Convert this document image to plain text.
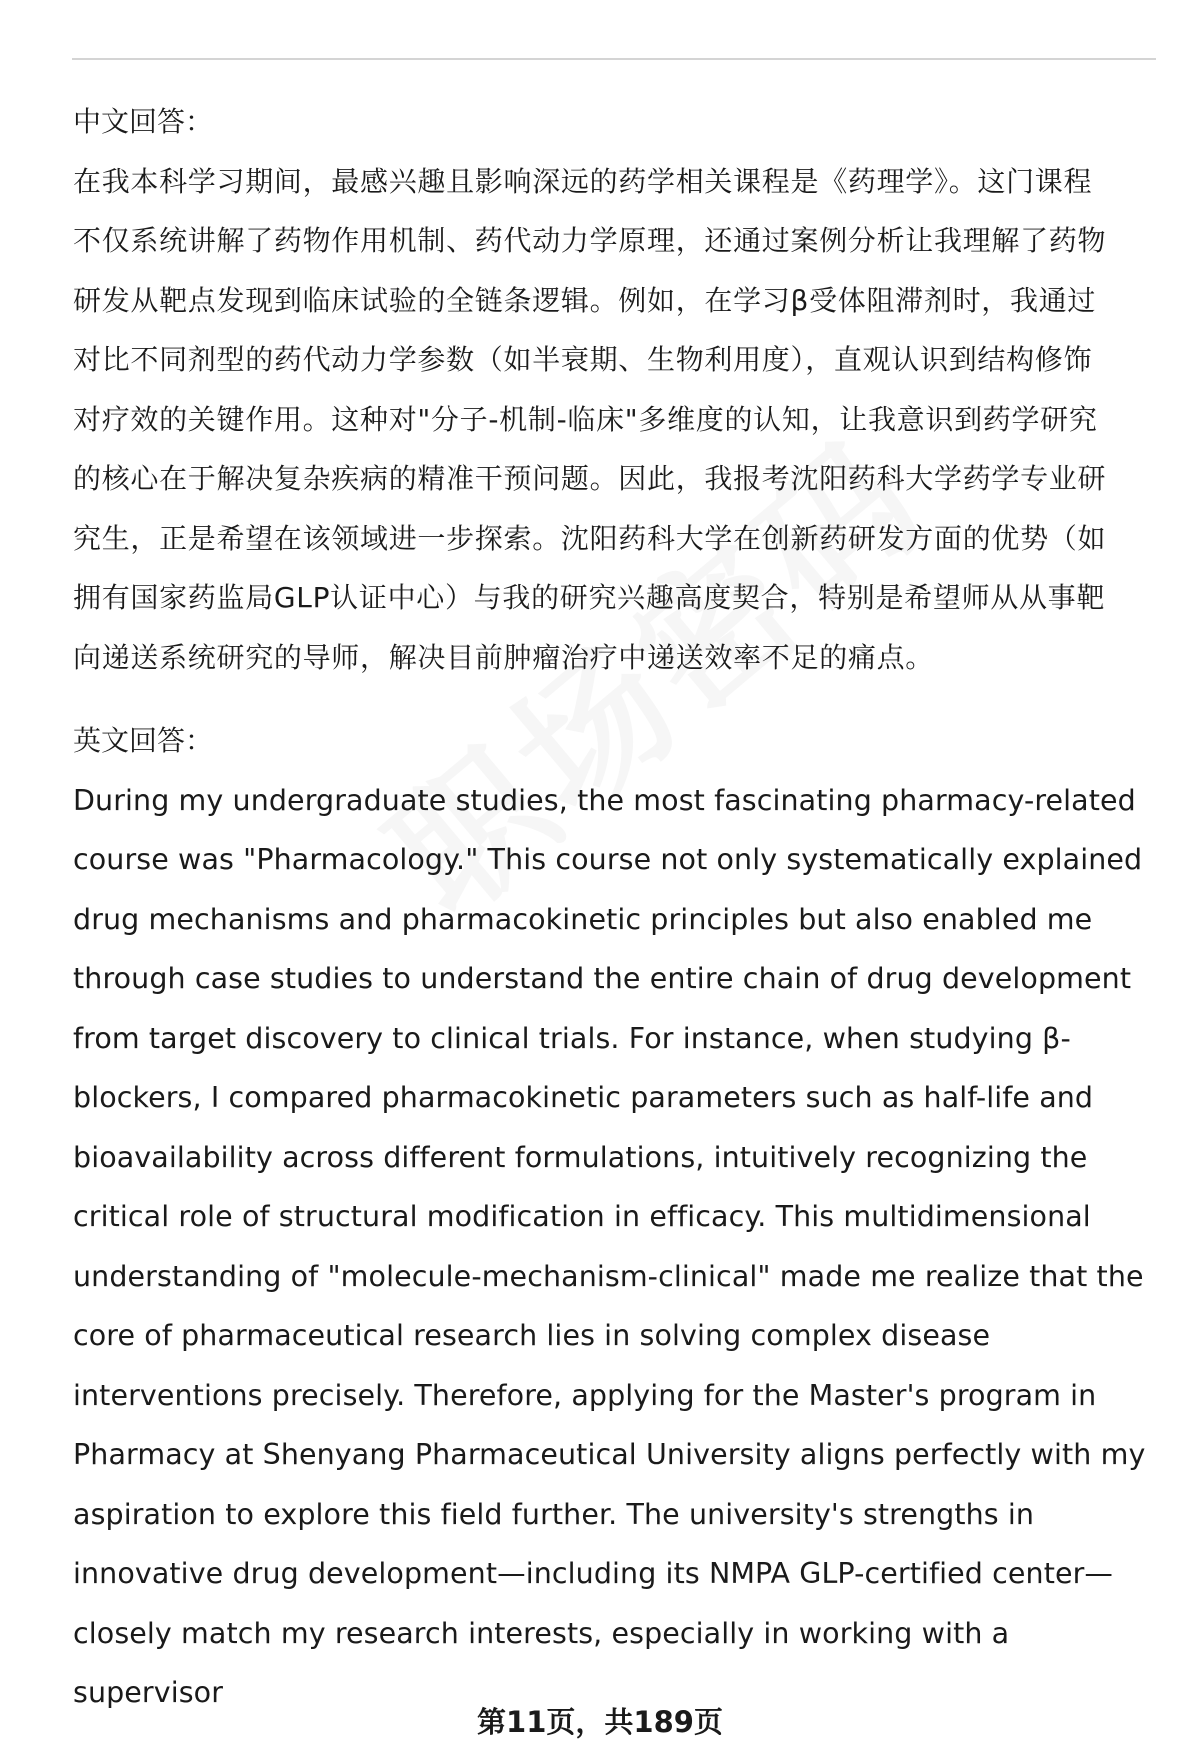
中文回答：

在我本科学习期间，最感兴趣且影响深远的药学相关课程是《药理学》。这门课程

不仅系统讲解了药物作用机制、药代动力学原理，还通过案例分析让我理解了药物

研发从靶点发现到临床试验的全链条逻辑。例如，在学习β受体阻滞剂时，我通过

对比不同剂型的药代动力学参数（如半衰期、生物利用度），直观认识到结构修饰

对疗效的关键作用。这种对"分子-机制-临床"多维度的认知，让我意识到药学研究

的核心在于解决复杂疾病的精准干预问题。因此，我报考沈阳药科大学药学专业研

究生，正是希望在该领域进一步探索。沈阳药科大学在创新药研发方面的优势（如

拥有国家药监局GLP认证中心）与我的研究兴趣高度契合，特别是希望师从从事靶

向递送系统研究的导师，解决目前肿瘤治疗中递送效率不足的痛点。

英文回答：

During my undergraduate studies, the most fascinating pharmacy-related

course was "Pharmacology." This course not only systematically explained

drug mechanisms and pharmacokinetic principles but also enabled me

through case studies to understand the entire chain of drug development

from target discovery to clinical trials. For instance, when studying β-

blockers, I compared pharmacokinetic parameters such as half-life and

bioavailability across different formulations, intuitively recognizing the

critical role of structural modification in efficacy. This multidimensional

understanding of "molecule-mechanism-clinical" made me realize that the

core of pharmaceutical research lies in solving complex disease

interventions precisely. Therefore, applying for the Master's program in

Pharmacy at Shenyang Pharmaceutical University aligns perfectly with my

aspiration to explore this field further. The university's strengths in

innovative drug development—including its NMPA GLP-certified center—

closely match my research interests, especially in working with a supervisor

第11页，共189页
